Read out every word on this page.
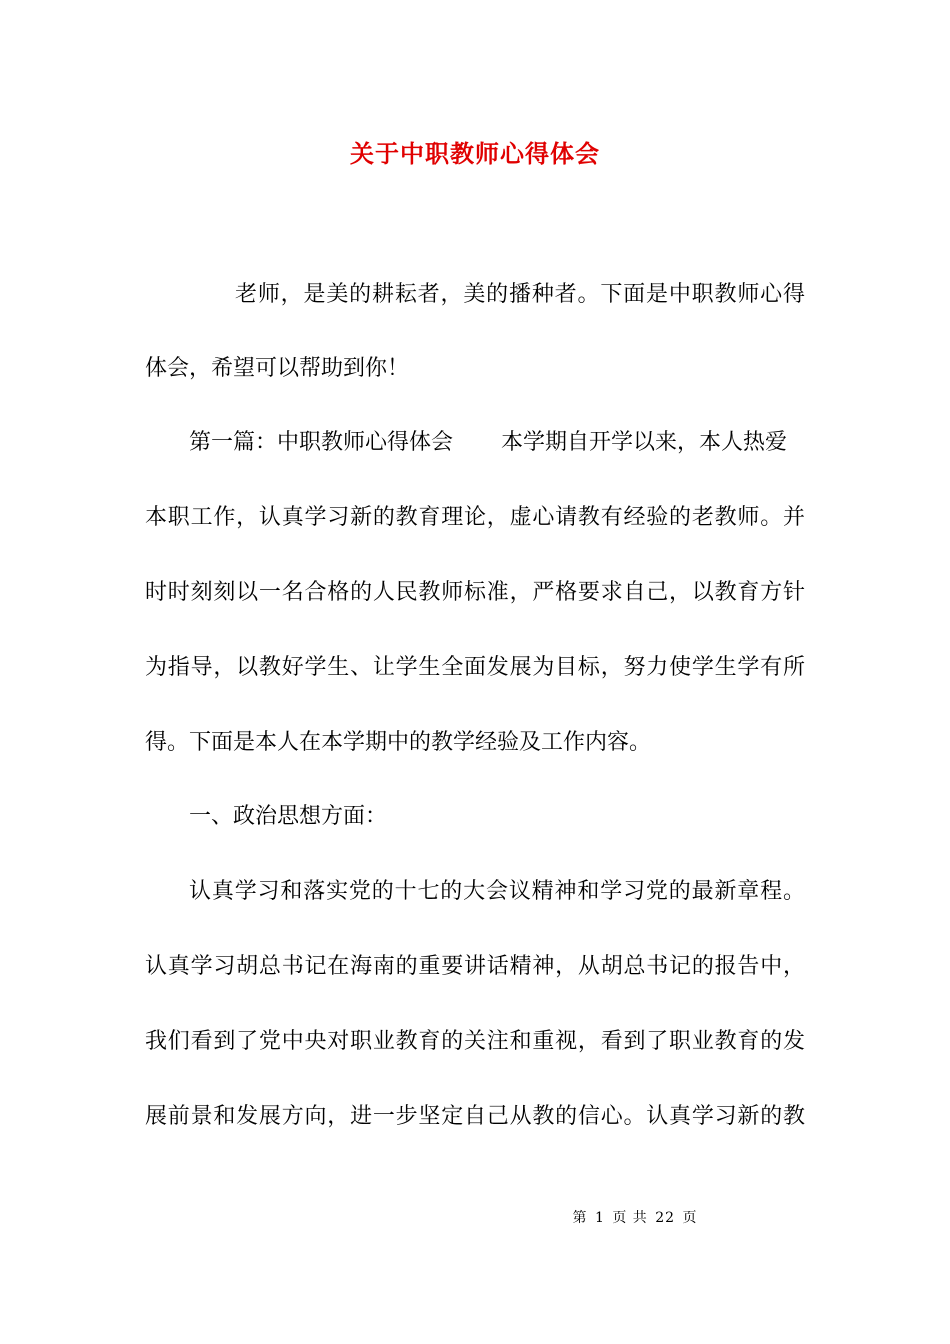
关于中职教师心得体会
老师，是美的耕耘者，美的播种者。下面是中职教师心得
体会，希望可以帮助到你！
第一篇：中职教师心得体会 本学期自开学以来，本人热爱
本职工作，认真学习新的教育理论，虚心请教有经验的老教师。并
时时刻刻以一名合格的人民教师标准，严格要求自己，以教育方针
为指导，以教好学生、让学生全面发展为目标，努力使学生学有所
得。下面是本人在本学期中的教学经验及工作内容。
一、政治思想方面：
认真学习和落实党的十七的大会议精神和学习党的最新章程。
认真学习胡总书记在海南的重要讲话精神，从胡总书记的报告中，
我们看到了党中央对职业教育的关注和重视，看到了职业教育的发
展前景和发展方向，进一步坚定自己从教的信心。认真学习新的教
第 1 页 共 22 页
